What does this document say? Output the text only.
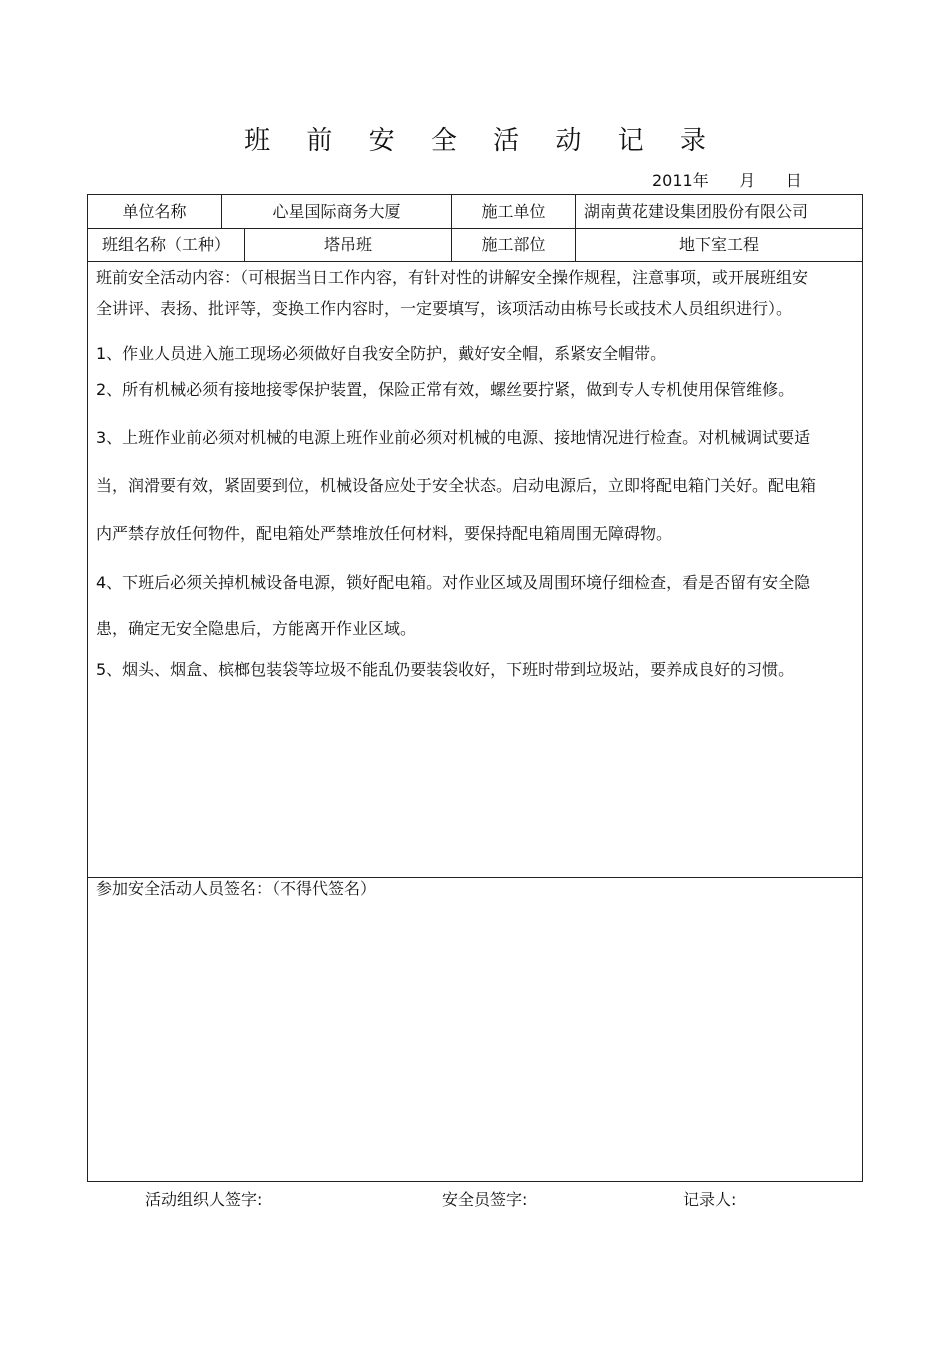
班 前 安 全 活 动 记 录
2011年      月      日
单位名称	心星国际商务大厦	施工单位	湖南黄花建设集团股份有限公司
班组名称（工种）	塔吊班	施工部位	地下室工程

班前安全活动内容：（可根据当日工作内容，有针对性的讲解安全操作规程，注意事项，或开展班组安全讲评、表扬、批评等，变换工作内容时，一定要填写，该项活动由栋号长或技术人员组织进行）。

1、作业人员进入施工现场必须做好自我安全防护，戴好安全帽，系紧安全帽带。

2、所有机械必须有接地接零保护装置，保险正常有效，螺丝要拧紧，做到专人专机使用保管维修。

3、上班作业前必须对机械的电源上班作业前必须对机械的电源、接地情况进行检查。对机械调试要适当，润滑要有效，紧固要到位，机械设备应处于安全状态。启动电源后，立即将配电箱门关好。配电箱内严禁存放任何物件，配电箱处严禁堆放任何材料，要保持配电箱周围无障碍物。

4、下班后必须关掉机械设备电源，锁好配电箱。对作业区域及周围环境仔细检查，看是否留有安全隐患，确定无安全隐患后，方能离开作业区域。

5、烟头、烟盒、槟榔包装袋等垃圾不能乱仍要装袋收好，下班时带到垃圾站，要养成良好的习惯。

参加安全活动人员签名：（不得代签名）
活动组织人签字:	安全员签字:	记录人:
